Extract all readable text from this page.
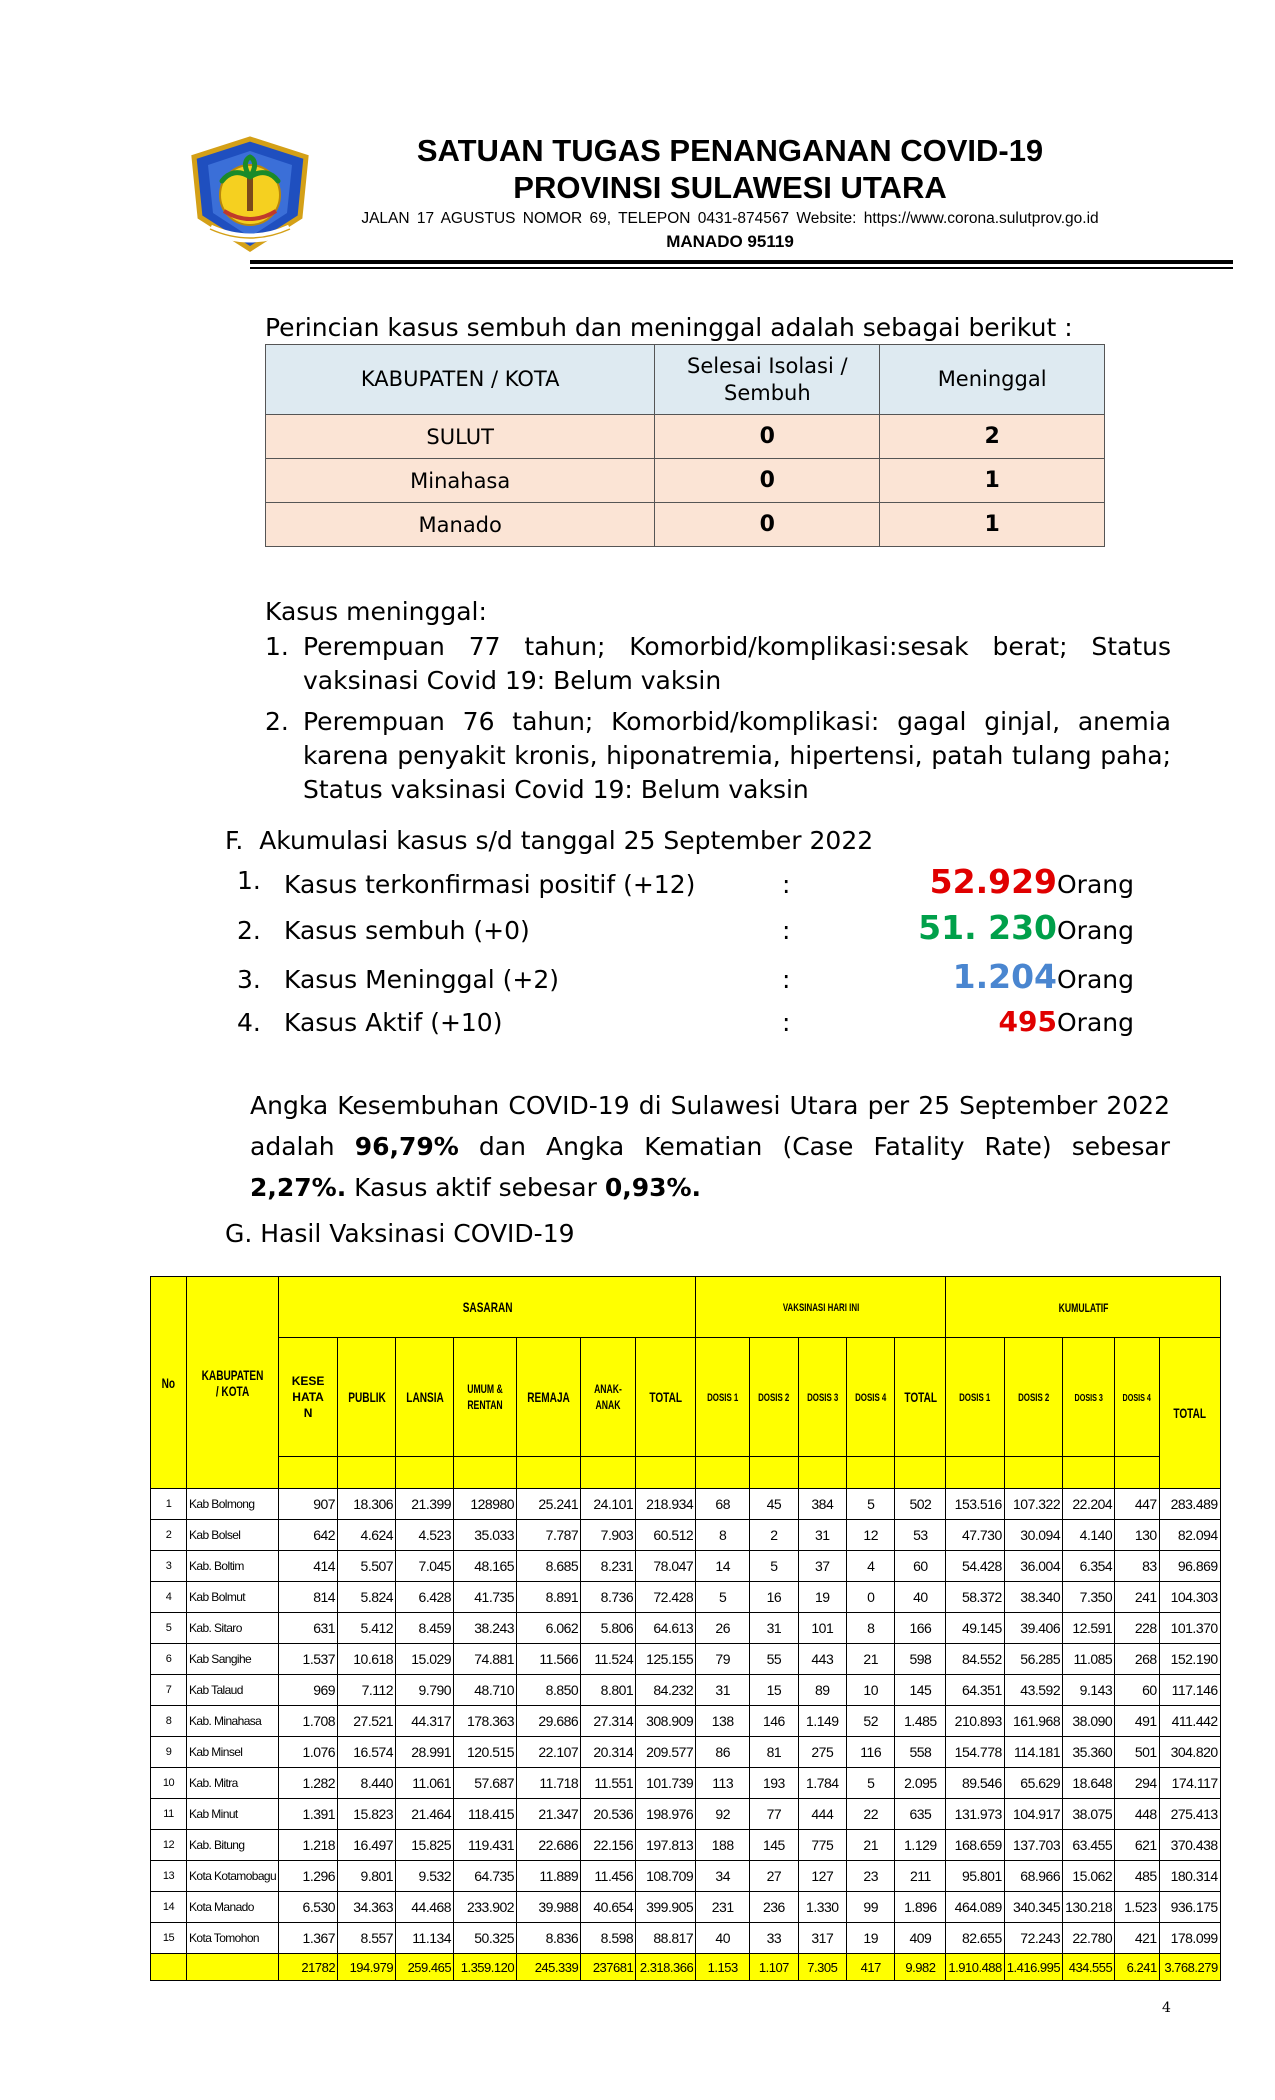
SATUAN TUGAS PENANGANAN COVID-19
PROVINSI SULAWESI UTARA
JALAN 17 AGUSTUS NOMOR 69, TELEPON 0431-874567 Website: https://www.corona.sulutprov.go.id
MANADO 95119
Perincian kasus sembuh dan meninggal adalah sebagai berikut :
KABUPATEN / KOTA	Selesai Isolasi / Sembuh	Meninggal
SULUT	0	2
Minahasa	0	1
Manado	0	1
Kasus meninggal:
1. Perempuan 77 tahun; Komorbid/komplikasi:sesak berat; Status vaksinasi Covid 19: Belum vaksin
2. Perempuan 76 tahun; Komorbid/komplikasi: gagal ginjal, anemia karena penyakit kronis, hiponatremia, hipertensi, patah tulang paha; Status vaksinasi Covid 19: Belum vaksin
F.  Akumulasi kasus s/d tanggal 25 September 2022
1. Kasus terkonfirmasi positif (+12)	:	52.929 Orang
2. Kasus sembuh (+0)	:	51. 230 Orang
3. Kasus Meninggal (+2)	:	1.204 Orang
4. Kasus Aktif (+10)	:	495 Orang
Angka Kesembuhan COVID-19 di Sulawesi Utara per 25 September 2022 adalah 96,79% dan Angka Kematian (Case Fatality Rate) sebesar 2,27%. Kasus aktif sebesar 0,93%.
G. Hasil Vaksinasi COVID-19
No	KABUPATEN / KOTA	SASARAN							VAKSINASI HARI INI					KUMULATIF				
		KESEHATAN	PUBLIK	LANSIA	UMUM & RENTAN	REMAJA	ANAK-ANAK	TOTAL	DOSIS 1	DOSIS 2	DOSIS 3	DOSIS 4	TOTAL	DOSIS 1	DOSIS 2	DOSIS 3	DOSIS 4	TOTAL

1	Kab Bolmong	907	18.306	21.399	128980	25.241	24.101	218.934	68	45	384	5	502	153.516	107.322	22.204	447	283.489
2	Kab Bolsel	642	4.624	4.523	35.033	7.787	7.903	60.512	8	2	31	12	53	47.730	30.094	4.140	130	82.094
3	Kab. Boltim	414	5.507	7.045	48.165	8.685	8.231	78.047	14	5	37	4	60	54.428	36.004	6.354	83	96.869
4	Kab Bolmut	814	5.824	6.428	41.735	8.891	8.736	72.428	5	16	19	0	40	58.372	38.340	7.350	241	104.303
5	Kab. Sitaro	631	5.412	8.459	38.243	6.062	5.806	64.613	26	31	101	8	166	49.145	39.406	12.591	228	101.370
6	Kab Sangihe	1.537	10.618	15.029	74.881	11.566	11.524	125.155	79	55	443	21	598	84.552	56.285	11.085	268	152.190
7	Kab Talaud	969	7.112	9.790	48.710	8.850	8.801	84.232	31	15	89	10	145	64.351	43.592	9.143	60	117.146
8	Kab. Minahasa	1.708	27.521	44.317	178.363	29.686	27.314	308.909	138	146	1.149	52	1.485	210.893	161.968	38.090	491	411.442
9	Kab Minsel	1.076	16.574	28.991	120.515	22.107	20.314	209.577	86	81	275	116	558	154.778	114.181	35.360	501	304.820
10	Kab. Mitra	1.282	8.440	11.061	57.687	11.718	11.551	101.739	113	193	1.784	5	2.095	89.546	65.629	18.648	294	174.117
11	Kab Minut	1.391	15.823	21.464	118.415	21.347	20.536	198.976	92	77	444	22	635	131.973	104.917	38.075	448	275.413
12	Kab. Bitung	1.218	16.497	15.825	119.431	22.686	22.156	197.813	188	145	775	21	1.129	168.659	137.703	63.455	621	370.438
13	Kota Kotamobagu	1.296	9.801	9.532	64.735	11.889	11.456	108.709	34	27	127	23	211	95.801	68.966	15.062	485	180.314
14	Kota Manado	6.530	34.363	44.468	233.902	39.988	40.654	399.905	231	236	1.330	99	1.896	464.089	340.345	130.218	1.523	936.175
15	Kota Tomohon	1.367	8.557	11.134	50.325	8.836	8.598	88.817	40	33	317	19	409	82.655	72.243	22.780	421	178.099
		21782	194.979	259.465	1.359.120	245.339	237681	2.318.366	1.153	1.107	7.305	417	9.982	1.910.488	1.416.995	434.555	6.241	3.768.279
4
